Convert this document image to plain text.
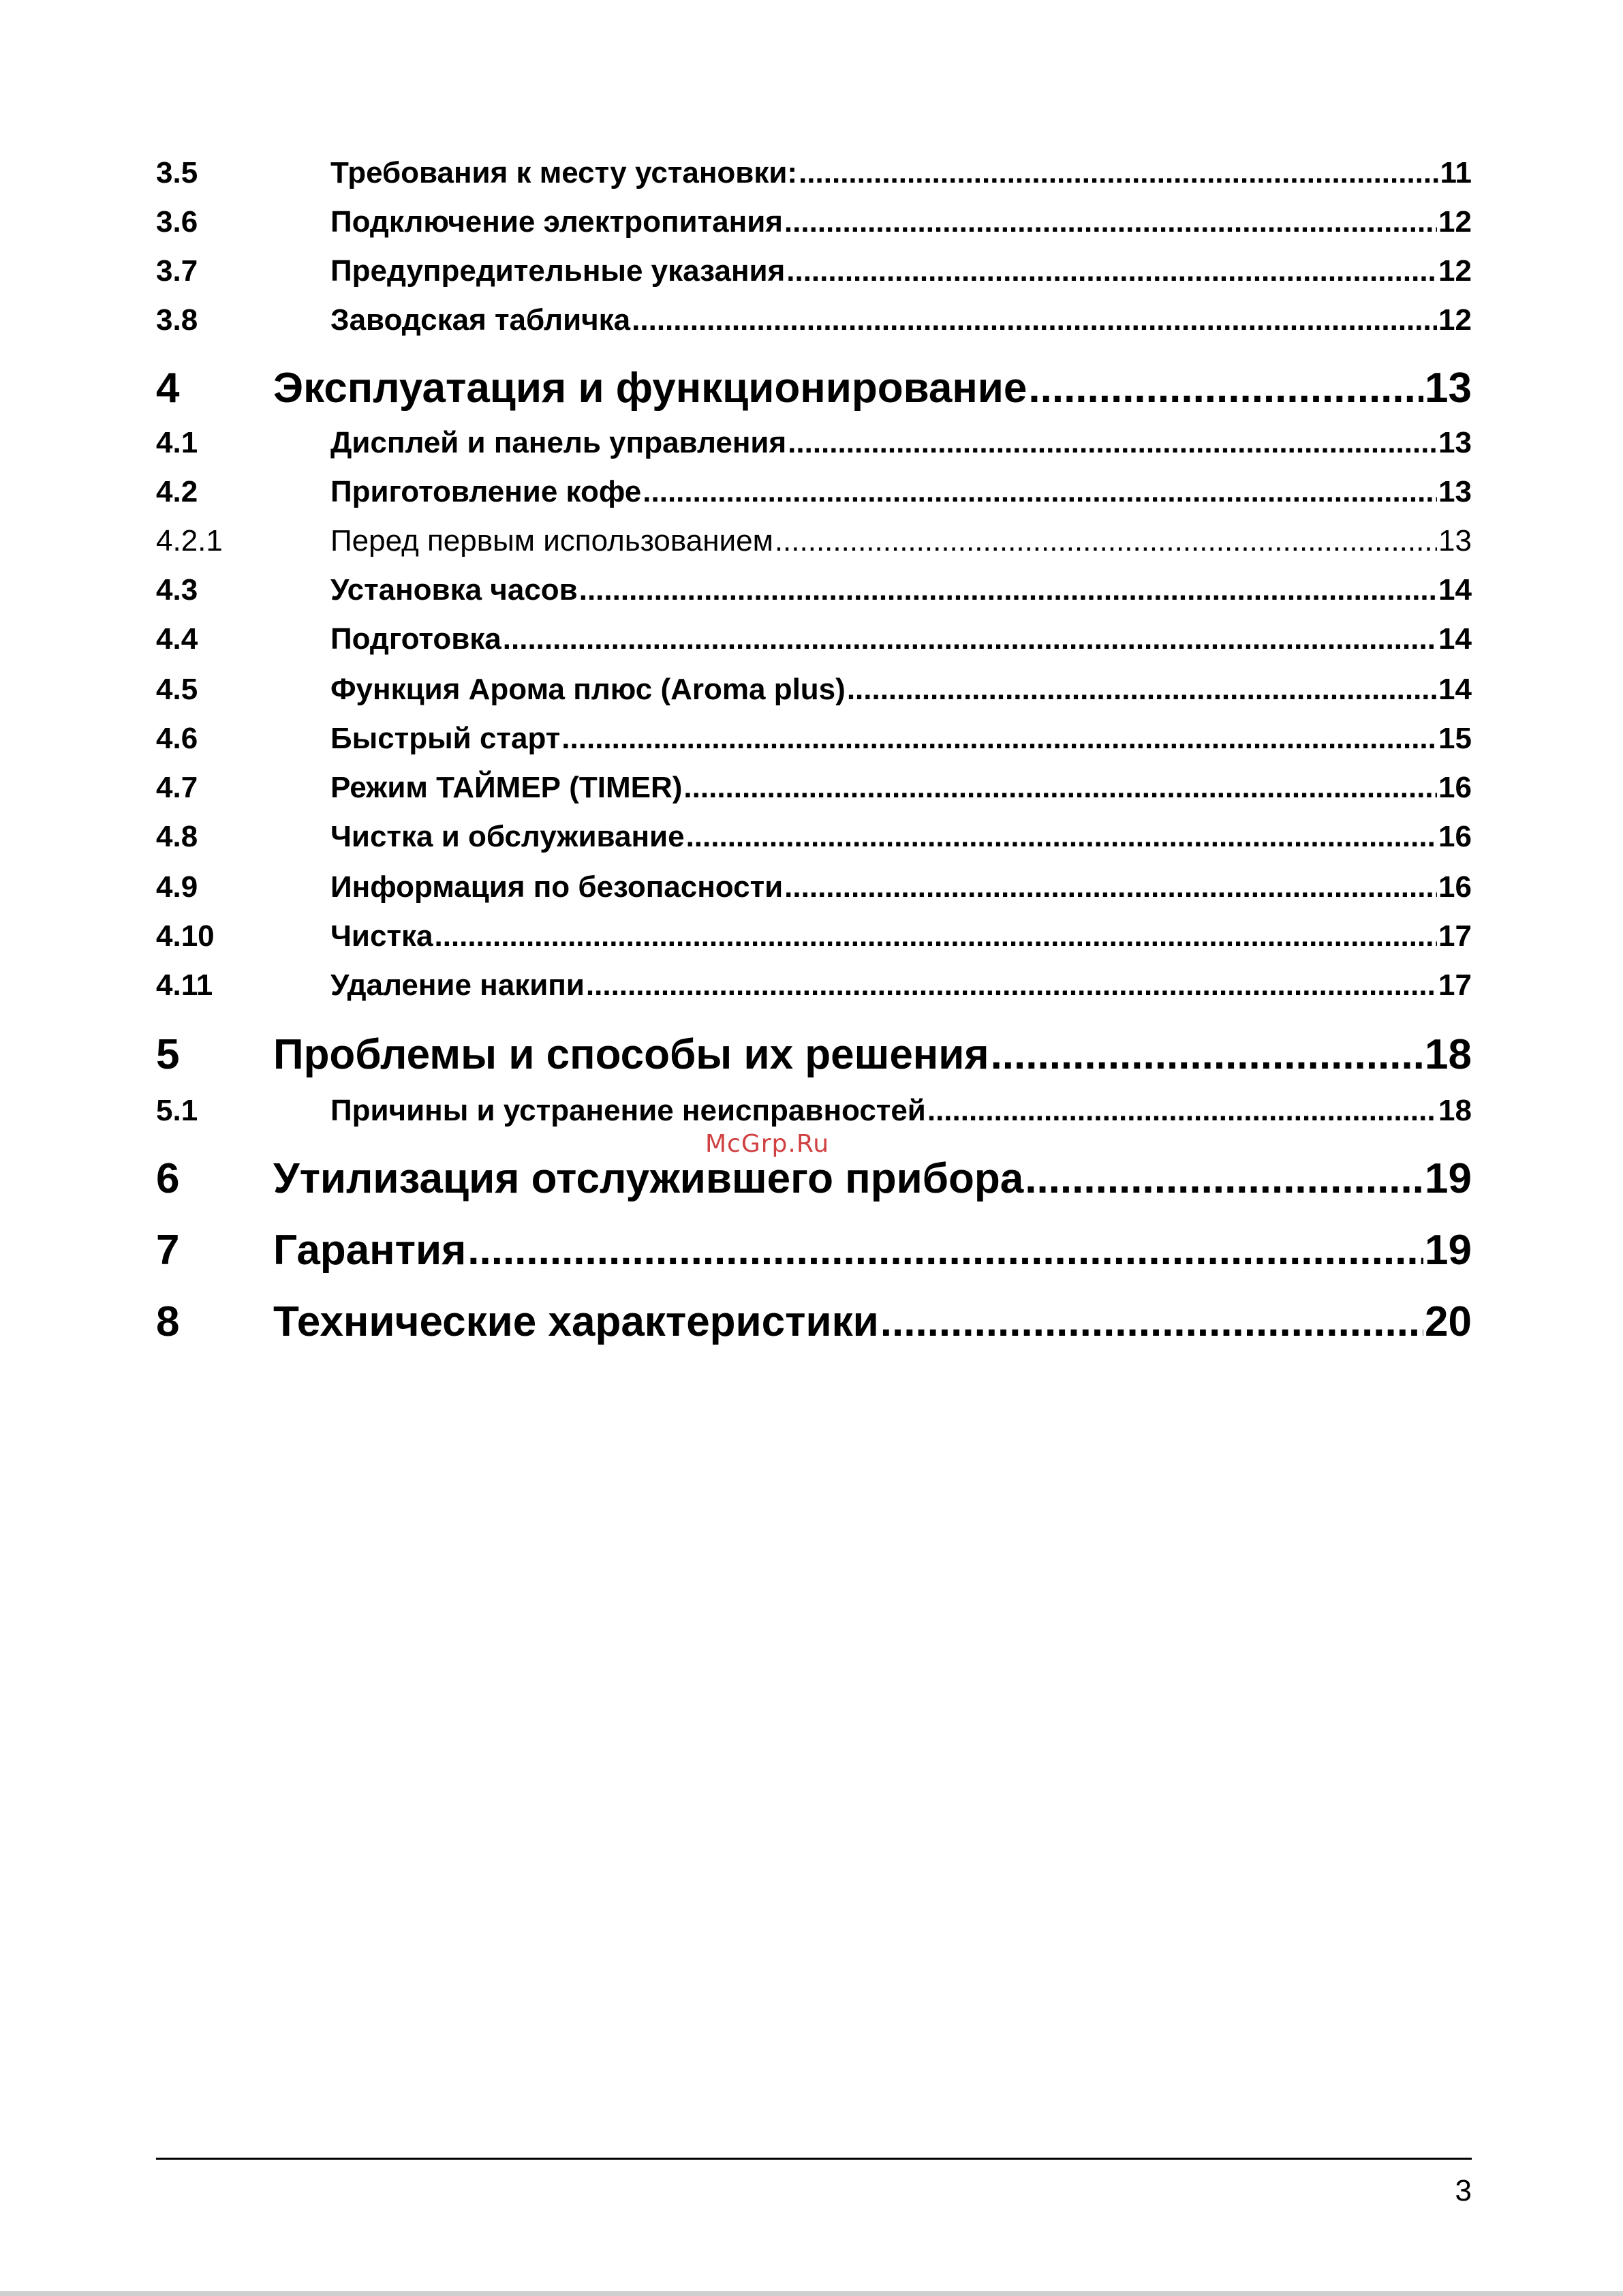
3.5	Требования к месту установки: .....	11
3.6	Подключение электропитания .....	12
3.7	Предупредительные указания .....	12
3.8	Заводская табличка .....	12
4	Эксплуатация и функционирование .....	13
4.1	Дисплей и панель управления .....	13
4.2	Приготовление кофе .....	13
4.2.1	Перед первым использованием .....	13
4.3	Установка часов .....	14
4.4	Подготовка .....	14
4.5	Функция Арома плюс (Aroma plus) .....	14
4.6	Быстрый старт .....	15
4.7	Режим ТАЙМЕР (TIMER) .....	16
4.8	Чистка и обслуживание .....	16
4.9	Информация по безопасности .....	16
4.10	Чистка .....	17
4.11	Удаление накипи .....	17
5	Проблемы и способы их решения .....	18
5.1	Причины и устранение неисправностей .....	18
6	Утилизация отслужившего прибора .....	19
7	Гарантия .....	19
8	Технические характеристики .....	20
McGrp.Ru
3
